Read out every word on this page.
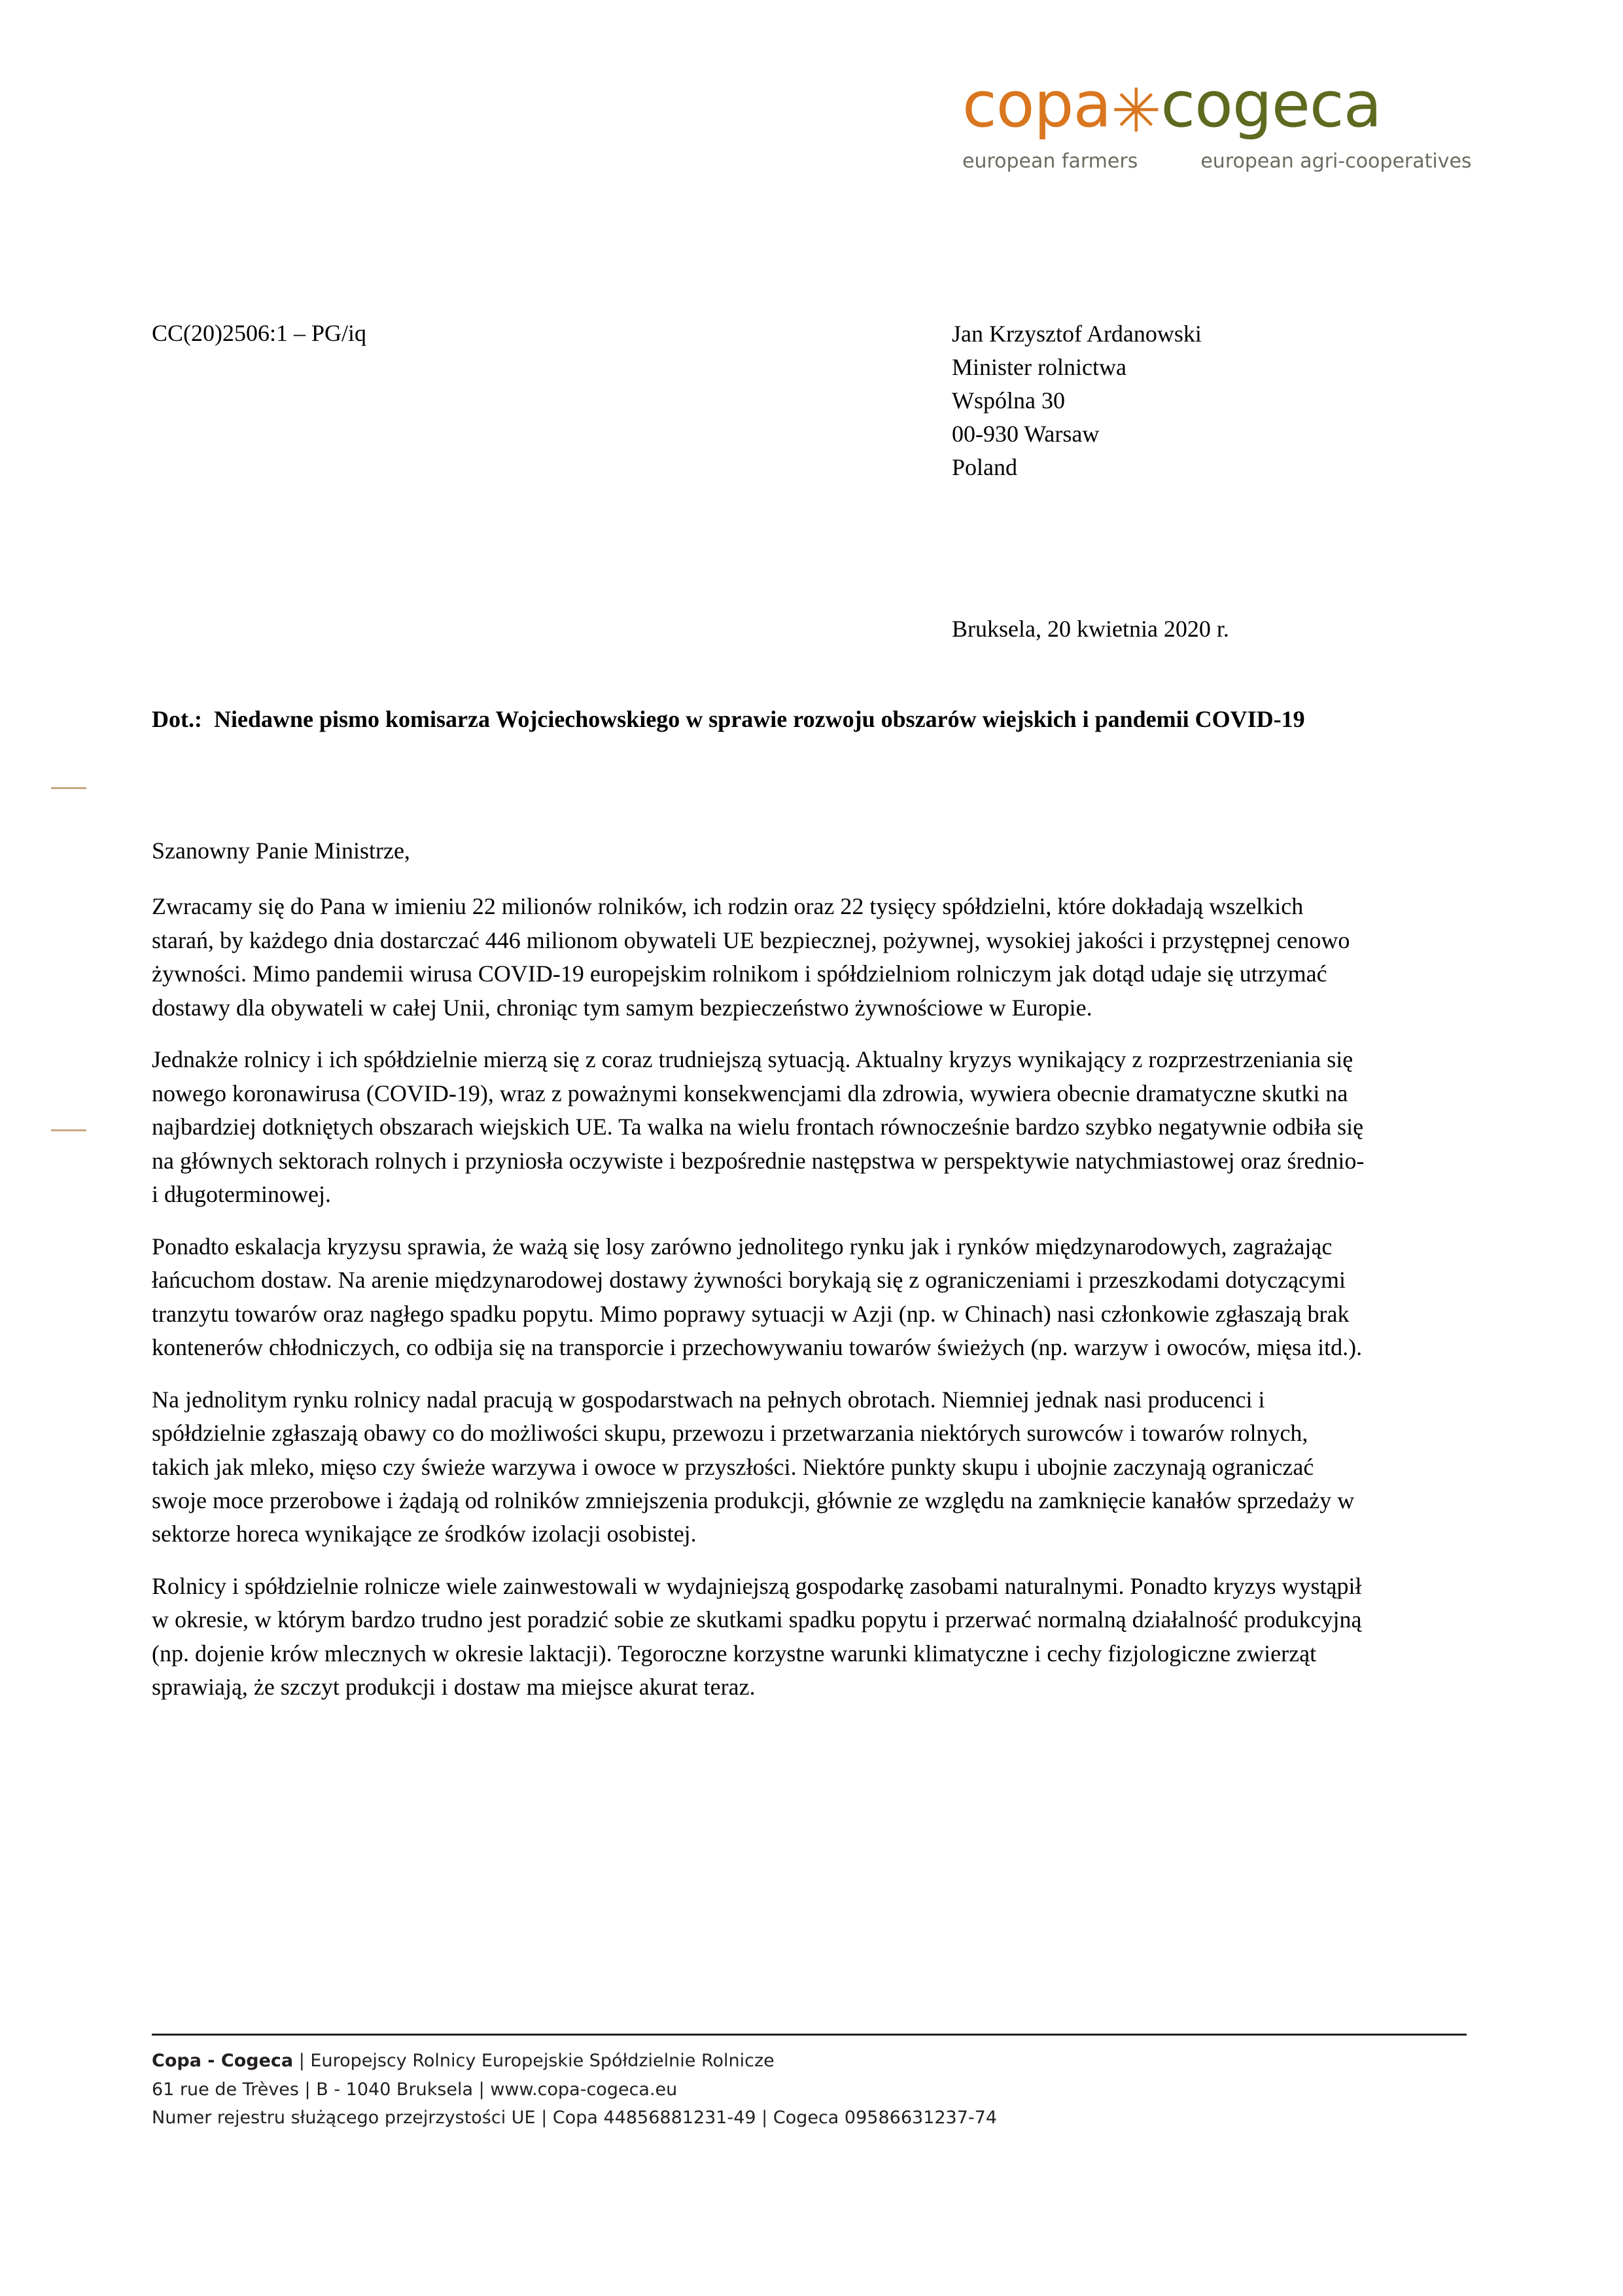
copa✳cogeca
european farmers	european agri-cooperatives
CC(20)2506:1 – PG/iq	Jan Krzysztof Ardanowski
Minister rolnictwa
Wspólna 30
00-930 Warsaw
Poland
Bruksela, 20 kwietnia 2020 r.
Dot.: Niedawne pismo komisarza Wojciechowskiego w sprawie rozwoju obszarów wiejskich i pandemii COVID-19

Szanowny Panie Ministrze,

Zwracamy się do Pana w imieniu 22 milionów rolników, ich rodzin oraz 22 tysięcy spółdzielni, które dokładają wszelkich starań, by każdego dnia dostarczać 446 milionom obywateli UE bezpiecznej, pożywnej, wysokiej jakości i przystępnej cenowo żywności. Mimo pandemii wirusa COVID-19 europejskim rolnikom i spółdzielniom rolniczym jak dotąd udaje się utrzymać dostawy dla obywateli w całej Unii, chroniąc tym samym bezpieczeństwo żywnościowe w Europie.

Jednakże rolnicy i ich spółdzielnie mierzą się z coraz trudniejszą sytuacją. Aktualny kryzys wynikający z rozprzestrzeniania się nowego koronawirusa (COVID-19), wraz z poważnymi konsekwencjami dla zdrowia, wywiera obecnie dramatyczne skutki na najbardziej dotkniętych obszarach wiejskich UE. Ta walka na wielu frontach równocześnie bardzo szybko negatywnie odbiła się na głównych sektorach rolnych i przyniosła oczywiste i bezpośrednie następstwa w perspektywie natychmiastowej oraz średnio- i długoterminowej.

Ponadto eskalacja kryzysu sprawia, że ważą się losy zarówno jednolitego rynku jak i rynków międzynarodowych, zagrażając łańcuchom dostaw. Na arenie międzynarodowej dostawy żywności borykają się z ograniczeniami i przeszkodami dotyczącymi tranzytu towarów oraz nagłego spadku popytu. Mimo poprawy sytuacji w Azji (np. w Chinach) nasi członkowie zgłaszają brak kontenerów chłodniczych, co odbija się na transporcie i przechowywaniu towarów świeżych (np. warzyw i owoców, mięsa itd.).

Na jednolitym rynku rolnicy nadal pracują w gospodarstwach na pełnych obrotach. Niemniej jednak nasi producenci i spółdzielnie zgłaszają obawy co do możliwości skupu, przewozu i przetwarzania niektórych surowców i towarów rolnych, takich jak mleko, mięso czy świeże warzywa i owoce w przyszłości. Niektóre punkty skupu i ubojnie zaczynają ograniczać swoje moce przerobowe i żądają od rolników zmniejszenia produkcji, głównie ze względu na zamknięcie kanałów sprzedaży w sektorze horeca wynikające ze środków izolacji osobistej.

Rolnicy i spółdzielnie rolnicze wiele zainwestowali w wydajniejszą gospodarkę zasobami naturalnymi. Ponadto kryzys wystąpił w okresie, w którym bardzo trudno jest poradzić sobie ze skutkami spadku popytu i przerwać normalną działalność produkcyjną (np. dojenie krów mlecznych w okresie laktacji). Tegoroczne korzystne warunki klimatyczne i cechy fizjologiczne zwierząt sprawiają, że szczyt produkcji i dostaw ma miejsce akurat teraz.

Copa - Cogeca | Europejscy Rolnicy Europejskie Spółdzielnie Rolnicze
61 rue de Trèves | B - 1040 Bruksela | www.copa-cogeca.eu
Numer rejestru służącego przejrzystości UE | Copa 44856881231-49 | Cogeca 09586631237-74
